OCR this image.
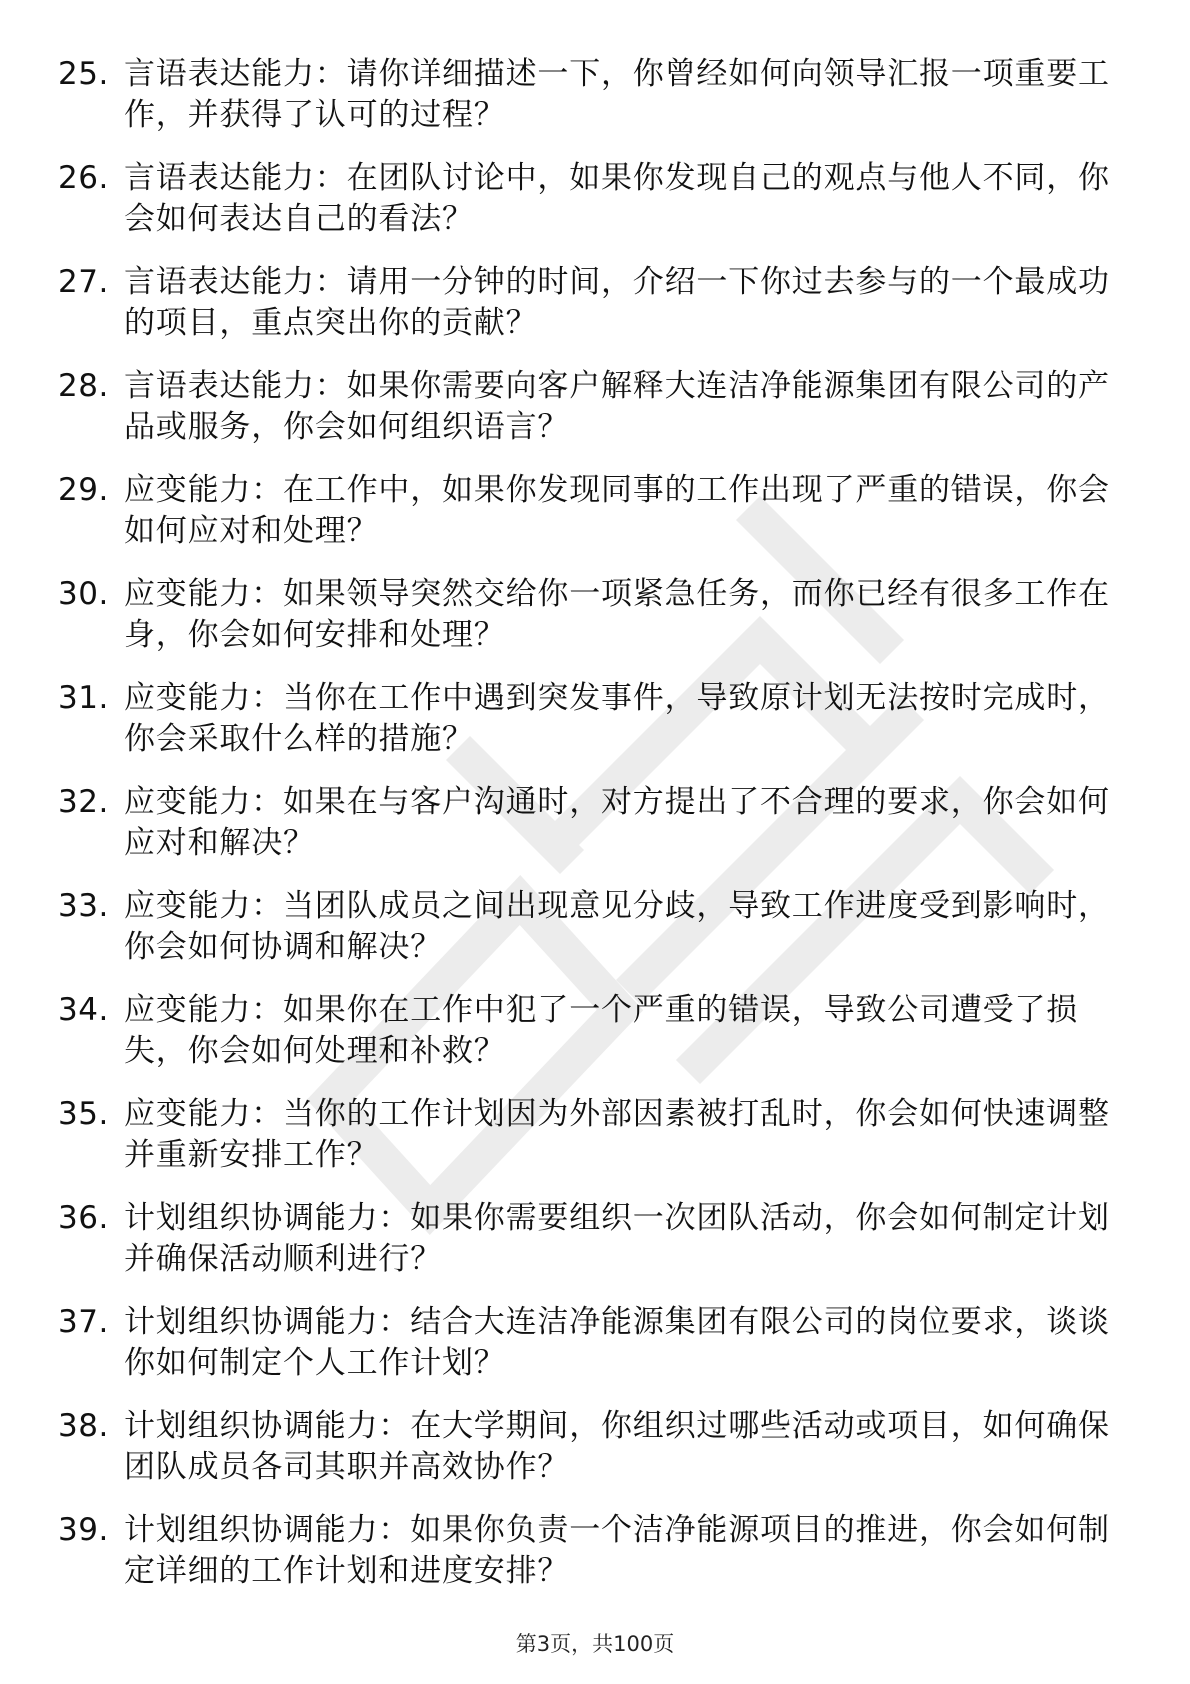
25. 言语表达能力：请你详细描述一下，你曾经如何向领导汇报一项重要工作，并获得了认可的过程？
26. 言语表达能力：在团队讨论中，如果你发现自己的观点与他人不同，你会如何表达自己的看法？
27. 言语表达能力：请用一分钟的时间，介绍一下你过去参与的一个最成功的项目，重点突出你的贡献？
28. 言语表达能力：如果你需要向客户解释大连洁净能源集团有限公司的产品或服务，你会如何组织语言？
29. 应变能力：在工作中，如果你发现同事的工作出现了严重的错误，你会如何应对和处理？
30. 应变能力：如果领导突然交给你一项紧急任务，而你已经有很多工作在身，你会如何安排和处理？
31. 应变能力：当你在工作中遇到突发事件，导致原计划无法按时完成时，你会采取什么样的措施？
32. 应变能力：如果在与客户沟通时，对方提出了不合理的要求，你会如何应对和解决？
33. 应变能力：当团队成员之间出现意见分歧，导致工作进度受到影响时，你会如何协调和解决？
34. 应变能力：如果你在工作中犯了一个严重的错误，导致公司遭受了损失，你会如何处理和补救？
35. 应变能力：当你的工作计划因为外部因素被打乱时，你会如何快速调整并重新安排工作？
36. 计划组织协调能力：如果你需要组织一次团队活动，你会如何制定计划并确保活动顺利进行？
37. 计划组织协调能力：结合大连洁净能源集团有限公司的岗位要求，谈谈你如何制定个人工作计划？
38. 计划组织协调能力：在大学期间，你组织过哪些活动或项目，如何确保团队成员各司其职并高效协作？
39. 计划组织协调能力：如果你负责一个洁净能源项目的推进，你会如何制定详细的工作计划和进度安排？
第3页，共100页
